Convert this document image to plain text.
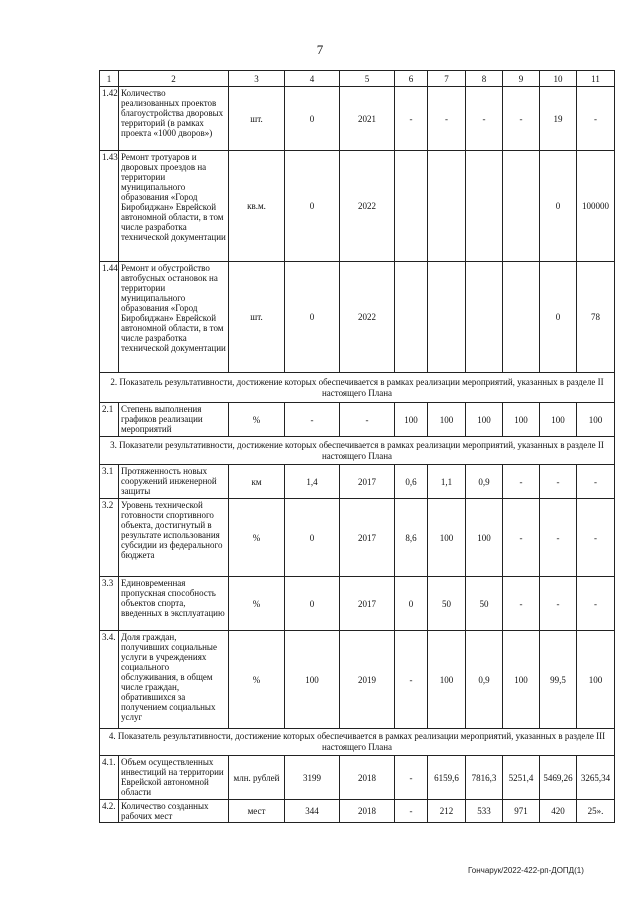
7
1	2	3	4	5	6	7	8	9	10	11
1.42	Количество реализованных проектов благоустройства дворовых территорий (в рамках проекта «1000 дворов»)	шт.	0	2021	-	-	-	-	19	-
1.43	Ремонт тротуаров и дворовых проездов на территории муниципального образования «Город Биробиджан» Еврейской автономной области, в том числе разработка технической документации	кв.м.	0	2022					0	100000
1.44	Ремонт и обустройство автобусных остановок на территории муниципального образования «Город Биробиджан» Еврейской автономной области, в том числе разработка технической документации	шт.	0	2022					0	78
2. Показатель результативности, достижение которых обеспечивается в рамках реализации мероприятий, указанных в разделе II настоящего Плана										
2.1	Степень выполнения графиков реализации мероприятий	%	-	-	100	100	100	100	100	100
3. Показатели результативности, достижение которых обеспечивается в рамках реализации мероприятий, указанных в разделе II настоящего Плана										
3.1	Протяженность новых сооружений инженерной защиты	км	1,4	2017	0,6	1,1	0,9	-	-	-
3.2	Уровень технической готовности спортивного объекта, достигнутый в результате использования субсидии из федерального бюджета	%	0	2017	8,6	100	100	-	-	-
3.3	Единовременная пропускная способность объектов спорта, введенных в эксплуатацию	%	0	2017	0	50	50	-	-	-
3.4.	Доля граждан, получивших социальные услуги в учреждениях социального обслуживания, в общем числе граждан, обратившихся за получением социальных услуг	%	100	2019	-	100	0,9	100	99,5	100
4. Показатель результативности, достижение которых обеспечивается в рамках реализации мероприятий, указанных в разделе III настоящего Плана										
4.1.	Объем осуществленных инвестиций на территории Еврейской автономной области	млн. рублей	3199	2018	-	6159,6	7816,3	5251,4	5469,26	3265,34
4.2.	Количество созданных рабочих мест	мест	344	2018	-	212	533	971	420	25».
Гончарук/2022-422-рп-ДОПД(1)
